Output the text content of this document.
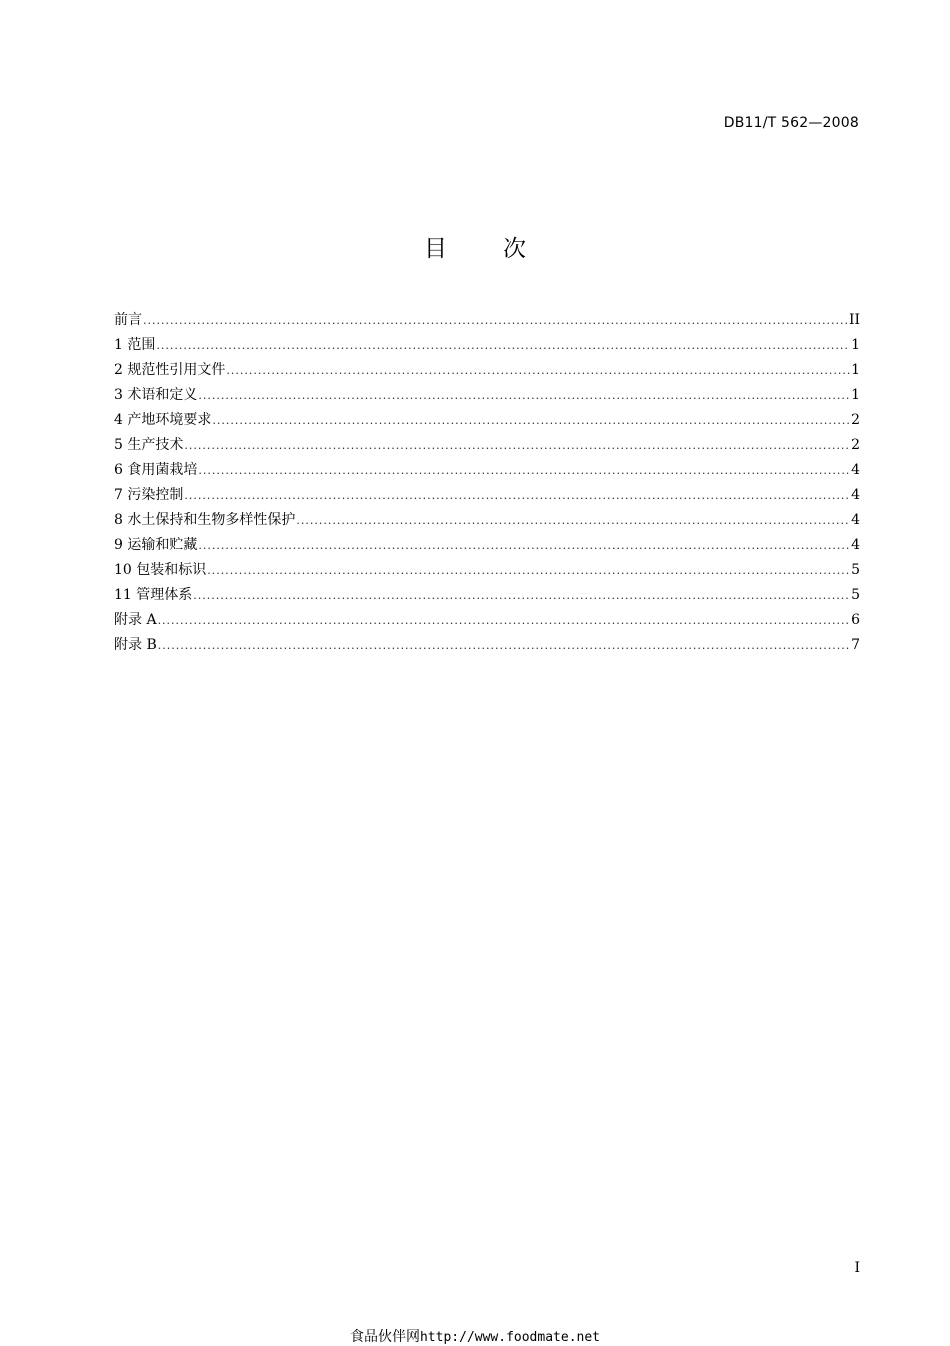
DB11/T 562—2008
目 次
前言 .....	II
1 范围 .....	1
2 规范性引用文件 .....	1
3 术语和定义 .....	1
4 产地环境要求 .....	2
5 生产技术 .....	2
6 食用菌栽培 .....	4
7 污染控制 .....	4
8 水土保持和生物多样性保护 .....	4
9 运输和贮藏 .....	4
10 包装和标识 .....	5
11 管理体系 .....	5
附录 A .....	6
附录 B .....	7
I
食品伙伴网http://www.foodmate.net
